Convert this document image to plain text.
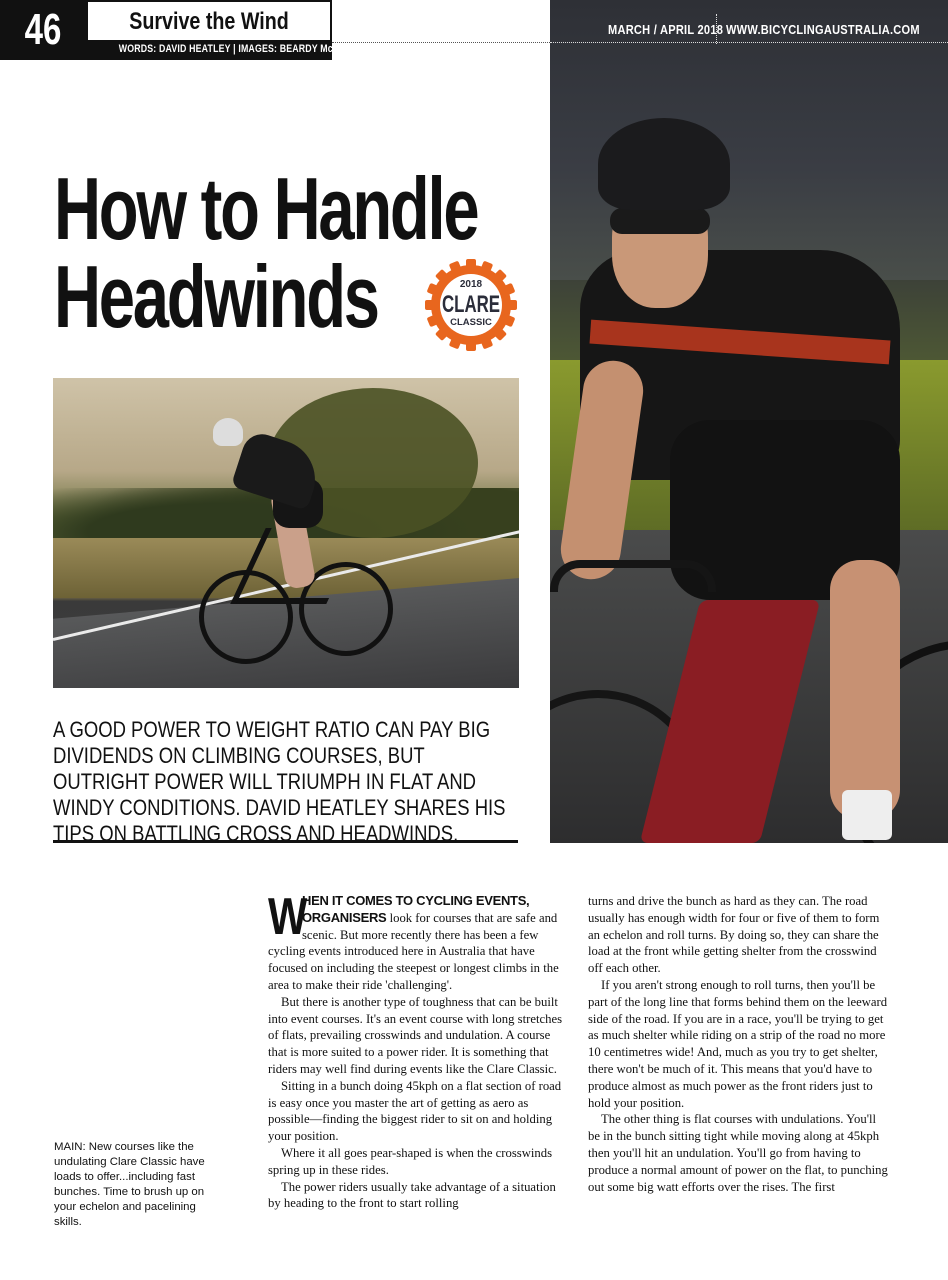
46	Survive the Wind
WORDS: DAVID HEATLEY | IMAGES: BEARDY McBEARD
MARCH / APRIL 2018 WWW.BICYCLINGAUSTRALIA.COM
How to Handle
Headwinds	2018
CLARE
CLASSIC

A GOOD POWER TO WEIGHT RATIO CAN PAY BIG DIVIDENDS ON CLIMBING COURSES, BUT OUTRIGHT POWER WILL TRIUMPH IN FLAT AND WINDY CONDITIONS. DAVID HEATLEY SHARES HIS TIPS ON BATTLING CROSS AND HEADWINDS.

MAIN: New courses like the undulating Clare Classic have loads to offer...including fast bunches. Time to brush up on your echelon and pacelining skills.

W
HEN IT COMES TO CYCLING EVENTS, ORGANISERS look for courses that are safe and scenic. But more recently there has been a few cycling events introduced here in Australia that have focused on including the steepest or longest climbs in the area to make their ride 'challenging'.

But there is another type of toughness that can be built into event courses. It's an event course with long stretches of flats, prevailing crosswinds and undulation. A course that is more suited to a power rider. It is something that riders may well find during events like the Clare Classic.

Sitting in a bunch doing 45kph on a flat section of road is easy once you master the art of getting as aero as possible—finding the biggest rider to sit on and holding your position.

Where it all goes pear-shaped is when the crosswinds spring up in these rides.

The power riders usually take advantage of a situation by heading to the front to start rolling

turns and drive the bunch as hard as they can. The road usually has enough width for four or five of them to form an echelon and roll turns. By doing so, they can share the load at the front while getting shelter from the crosswind off each other.

If you aren't strong enough to roll turns, then you'll be part of the long line that forms behind them on the leeward side of the road. If you are in a race, you'll be trying to get as much shelter while riding on a strip of the road no more 10 centimetres wide! And, much as you try to get shelter, there won't be much of it. This means that you'd have to produce almost as much power as the front riders just to hold your position.

The other thing is flat courses with undulations. You'll be in the bunch sitting tight while moving along at 45kph then you'll hit an undulation. You'll go from having to produce a normal amount of power on the flat, to punching out some big watt efforts over the rises. The first
